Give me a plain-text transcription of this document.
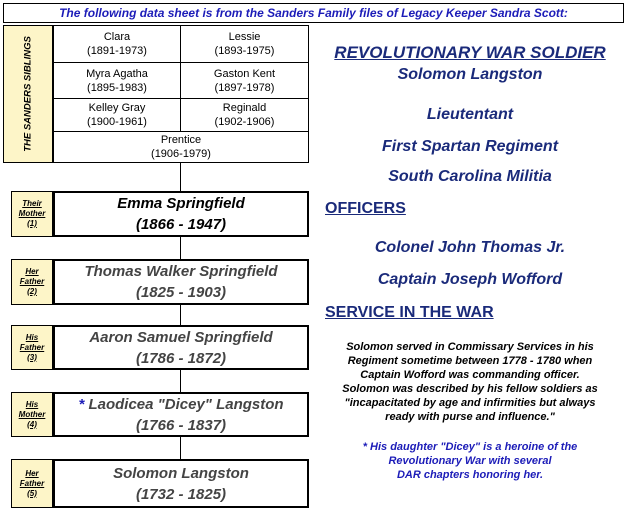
The following data sheet is from the Sanders Family files of Legacy Keeper Sandra Scott:
THE SANDERS SIBLINGS	Clara
(1891-1973)
Lessie
(1893-1975)
Myra Agatha
(1895-1983)
Gaston Kent
(1897-1978)
Kelley Gray
(1900-1961)
Reginald
(1902-1906)
Prentice
(1906-1979)
Their
Mother
(1)
Emma Springfield
(1866 - 1947)
Her
Father
(2)
Thomas Walker Springfield
(1825 - 1903)
His
Father
(3)
Aaron Samuel Springfield
(1786 - 1872)
His
Mother
(4)
* Laodicea "Dicey" Langston
(1766 - 1837)
Her
Father
(5)
Solomon Langston
(1732 - 1825)
REVOLUTIONARY WAR SOLDIER
Solomon Langston
Lieutentant
First Spartan Regiment
South Carolina Militia
OFFICERS
Colonel John Thomas Jr.
Captain Joseph Wofford
SERVICE IN THE WAR
Solomon served in Commissary Services in his
Regiment sometime between 1778 - 1780 when
Captain Wofford was commanding officer.
Solomon was described by his fellow soldiers as
"incapacitated by age and infirmities but always
ready with purse and influence."
* His daughter "Dicey" is a heroine of the
Revolutionary War with several
DAR chapters honoring her.
